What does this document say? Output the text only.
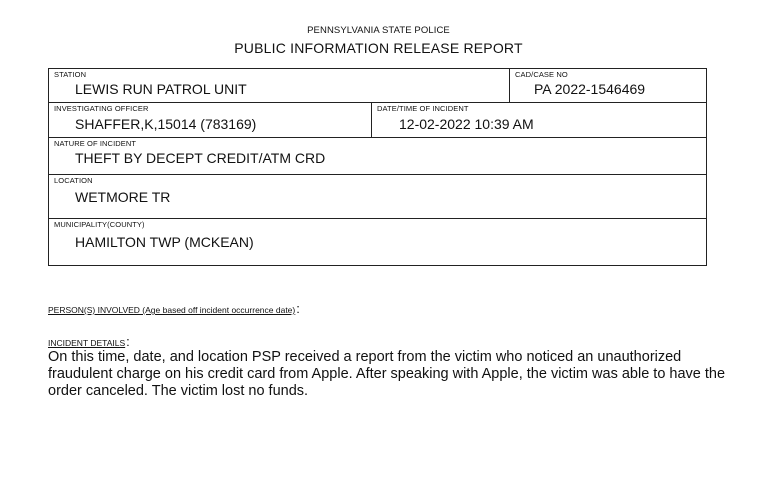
PENNSYLVANIA STATE POLICE
PUBLIC INFORMATION RELEASE REPORT
STATION
LEWIS RUN PATROL UNIT
CAD/CASE NO
PA 2022-1546469
INVESTIGATING OFFICER
SHAFFER,K,15014 (783169)
DATE/TIME OF INCIDENT
12-02-2022 10:39 AM
NATURE OF INCIDENT
THEFT BY DECEPT CREDIT/ATM CRD
LOCATION
WETMORE TR
MUNICIPALITY(COUNTY)
HAMILTON TWP (MCKEAN)
PERSON(S) INVOLVED (Age based off incident occurrence date):
INCIDENT DETAILS:
On this time, date, and location PSP received a report from the victim who noticed an unauthorized fraudulent charge on his credit card from Apple. After speaking with Apple, the victim was able to have the order canceled. The victim lost no funds.
